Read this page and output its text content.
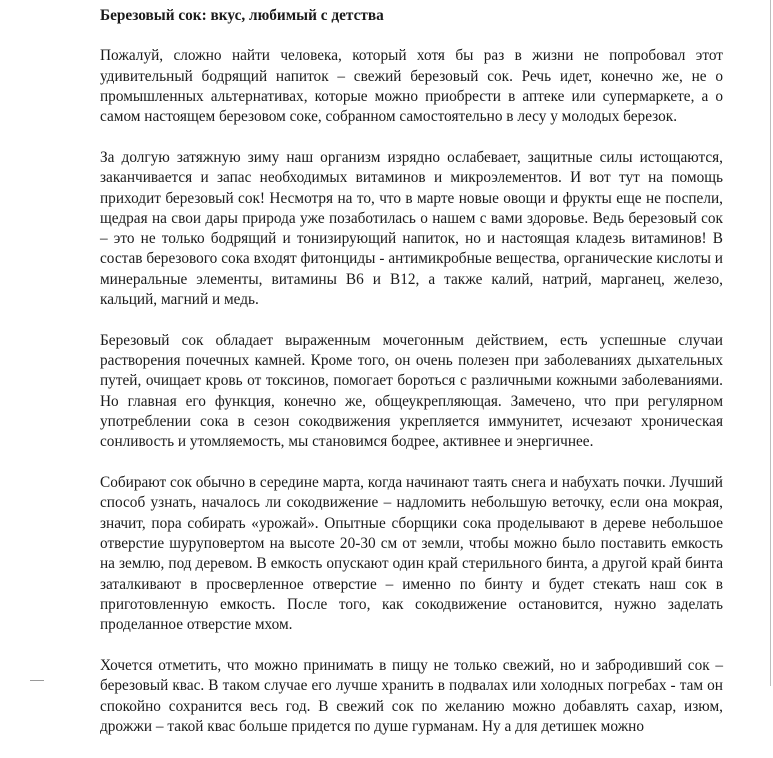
Березовый сок: вкус, любимый с детства

Пожалуй, сложно найти человека, который хотя бы раз в жизни не попробовал этот удивительный бодрящий напиток – свежий березовый сок. Речь идет, конечно же, не о промышленных альтернативах, которые можно приобрести в аптеке или супермаркете, а о самом настоящем березовом соке, собранном самостоятельно в лесу у молодых березок.

За долгую затяжную зиму наш организм изрядно ослабевает, защитные силы истощаются, заканчивается и запас необходимых витаминов и микроэлементов. И вот тут на помощь приходит березовый сок! Несмотря на то, что в марте новые овощи и фрукты еще не поспели, щедрая на свои дары природа уже позаботилась о нашем с вами здоровье. Ведь березовый сок – это не только бодрящий и тонизирующий напиток, но и настоящая кладезь витаминов! В состав березового сока входят фитонциды - антимикробные вещества, органические кислоты и минеральные элементы, витамины В6 и В12, а также калий, натрий, марганец, железо, кальций, магний и медь.

Березовый сок обладает выраженным мочегонным действием, есть успешные случаи растворения почечных камней. Кроме того, он очень полезен при заболеваниях дыхательных путей, очищает кровь от токсинов, помогает бороться с различными кожными заболеваниями. Но главная его функция, конечно же, общеукрепляющая. Замечено, что при регулярном употреблении сока в сезон сокодвижения укрепляется иммунитет, исчезают хроническая сонливость и утомляемость, мы становимся бодрее, активнее и энергичнее.

Собирают сок обычно в середине марта, когда начинают таять снега и набухать почки. Лучший способ узнать, началось ли сокодвижение – надломить небольшую веточку, если она мокрая, значит, пора собирать «урожай». Опытные сборщики сока проделывают в дереве небольшое отверстие шуруповертом на высоте 20-30 см от земли, чтобы можно было поставить емкость на землю, под деревом. В емкость опускают один край стерильного бинта, а другой край бинта заталкивают в просверленное отверстие – именно по бинту и будет стекать наш сок в приготовленную емкость. После того, как сокодвижение остановится, нужно заделать проделанное отверстие мхом.

Хочется отметить, что можно принимать в пищу не только свежий, но и забродивший сок – березовый квас. В таком случае его лучше хранить в подвалах или холодных погребах - там он спокойно сохранится весь год. В свежий сок по желанию можно добавлять сахар, изюм, дрожжи – такой квас больше придется по душе гурманам. Ну а для детишек можно
